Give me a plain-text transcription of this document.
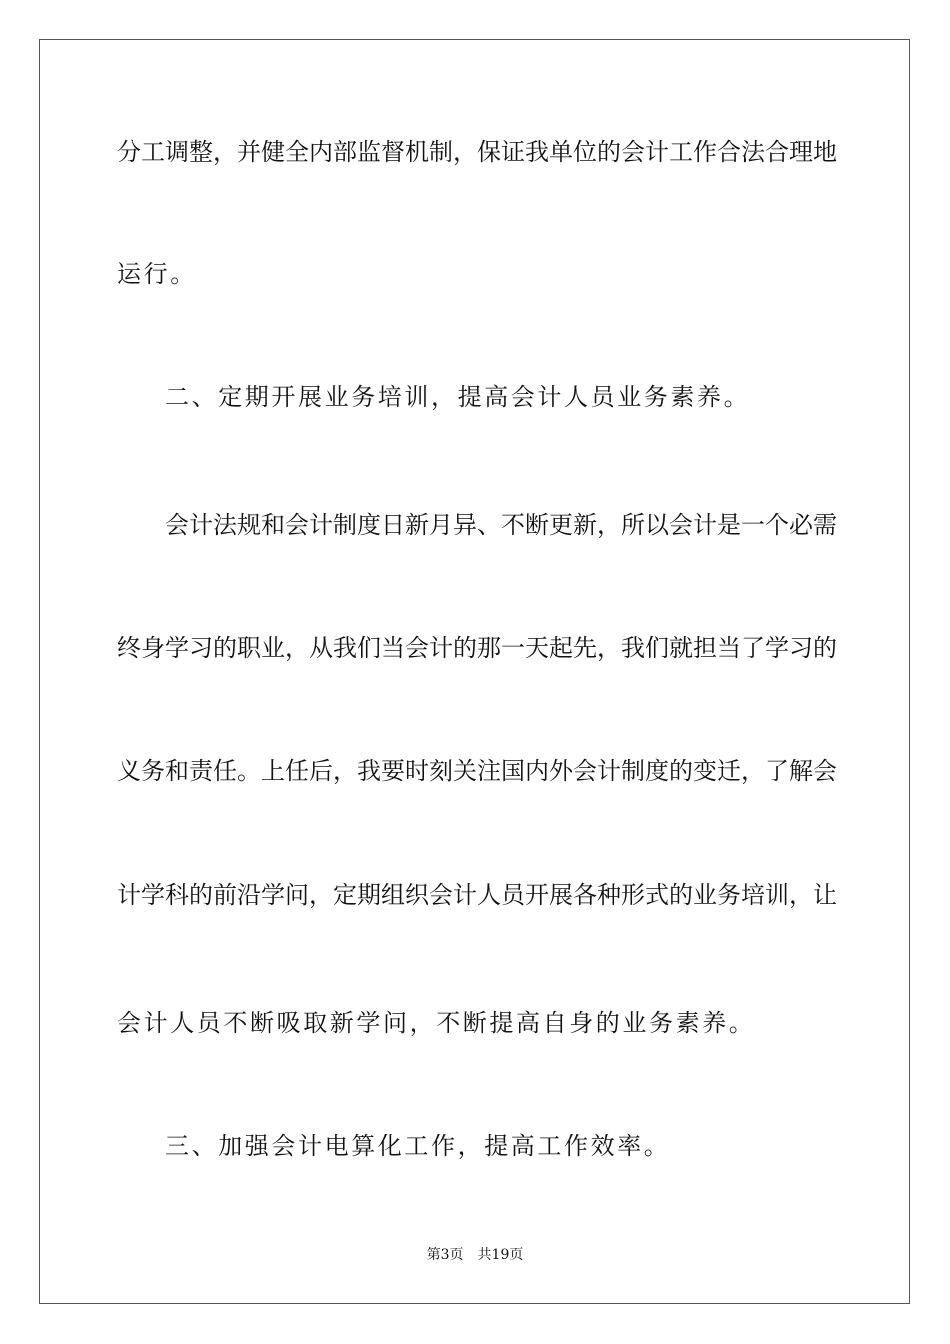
分工调整，并健全内部监督机制，保证我单位的会计工作合法合理地
运行。
二、定期开展业务培训，提高会计人员业务素养。
会计法规和会计制度日新月异、不断更新，所以会计是一个必需
终身学习的职业，从我们当会计的那一天起先，我们就担当了学习的
义务和责任。上任后，我要时刻关注国内外会计制度的变迁，了解会
计学科的前沿学问，定期组织会计人员开展各种形式的业务培训，让
会计人员不断吸取新学问，不断提高自身的业务素养。
三、加强会计电算化工作，提高工作效率。
第3页 共19页
